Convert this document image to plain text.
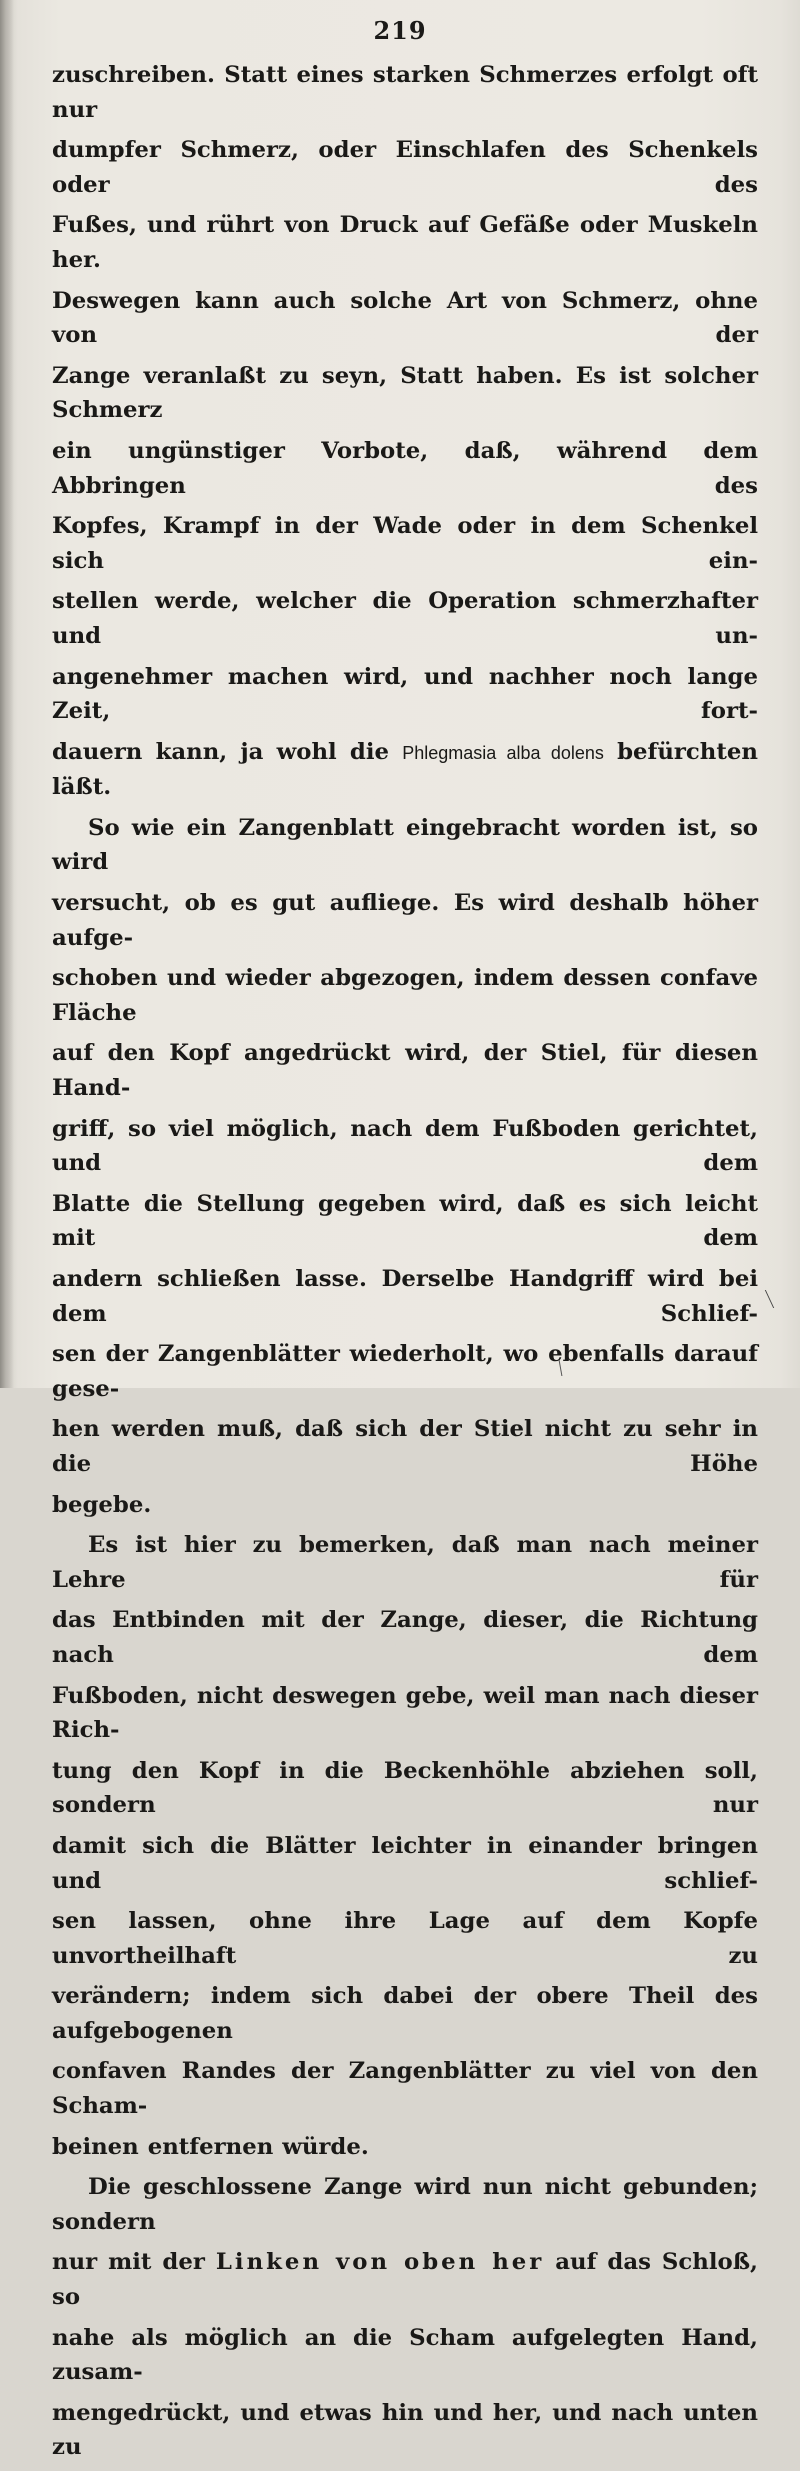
219
zuschreiben. Statt eines starken Schmerzes erfolgt oft nur
dumpfer Schmerz, oder Einschlafen des Schenkels oder des
Fußes, und rührt von Druck auf Gefäße oder Muskeln her.
Deswegen kann auch solche Art von Schmerz, ohne von der
Zange veranlaßt zu seyn, Statt haben. Es ist solcher Schmerz
ein ungünstiger Vorbote, daß, während dem Abbringen des
Kopfes, Krampf in der Wade oder in dem Schenkel sich ein-
stellen werde, welcher die Operation schmerzhafter und un-
angenehmer machen wird, und nachher noch lange Zeit, fort-
dauern kann, ja wohl die Phlegmasia alba dolens befürchten läßt.
So wie ein Zangenblatt eingebracht worden ist, so wird
versucht, ob es gut aufliege. Es wird deshalb höher aufge-
schoben und wieder abgezogen, indem dessen confave Fläche
auf den Kopf angedrückt wird, der Stiel, für diesen Hand-
griff, so viel möglich, nach dem Fußboden gerichtet, und dem
Blatte die Stellung gegeben wird, daß es sich leicht mit dem
andern schließen lasse. Derselbe Handgriff wird bei dem Schlief-
sen der Zangenblätter wiederholt, wo ebenfalls darauf gese-
hen werden muß, daß sich der Stiel nicht zu sehr in die Höhe
begebe.
Es ist hier zu bemerken, daß man nach meiner Lehre für
das Entbinden mit der Zange, dieser, die Richtung nach dem
Fußboden, nicht deswegen gebe, weil man nach dieser Rich-
tung den Kopf in die Beckenhöhle abziehen soll, sondern nur
damit sich die Blätter leichter in einander bringen und schlief-
sen lassen, ohne ihre Lage auf dem Kopfe unvortheilhaft zu
verändern; indem sich dabei der obere Theil des aufgebogenen
confaven Randes der Zangenblätter zu viel von den Scham-
beinen entfernen würde.
Die geschlossene Zange wird nun nicht gebunden; sondern
nur mit der Linken von oben her auf das Schloß, so
nahe als möglich an die Scham aufgelegten Hand, zusam-
mengedrückt, und etwas hin und her, und nach unten zu
